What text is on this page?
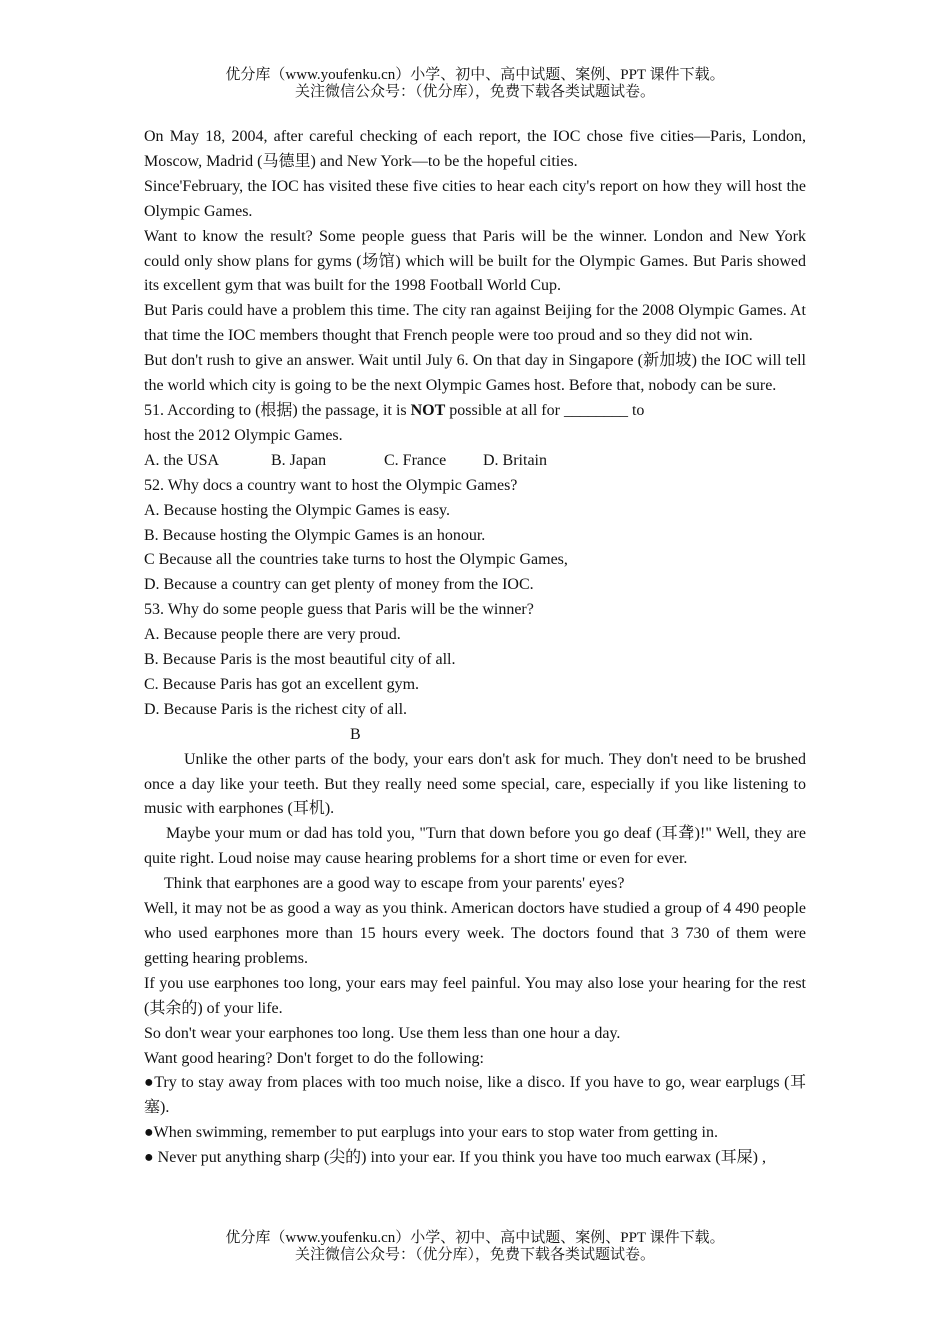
优分库（www.youfenku.cn）小学、初中、高中试题、案例、PPT 课件下载。
关注微信公众号：（优分库），免费下载各类试题试卷。

On May 18, 2004, after careful checking of each report, the IOC chose five cities—Paris, London, Moscow, Madrid (马德里) and New York—to be the hopeful cities.

Since'February, the IOC has visited these five cities to hear each city's report on how they will host the Olympic Games.

Want to know the result? Some people guess that Paris will be the winner. London and New York could only show plans for gyms (场馆) which will be built for the Olympic Games. But Paris showed its excellent gym that was built for the 1998 Football World Cup.

But Paris could have a problem this time. The city ran against Beijing for the 2008 Olympic Games. At that time the IOC members thought that French people were too proud and so they did not win.

But don't rush to give an answer. Wait until July 6. On that day in Singapore (新加坡) the IOC will tell the world which city is going to be the next Olympic Games host. Before that, nobody can be sure.

51. According to (根据) the passage, it is NOT possible at all for ________ to

host the 2012 Olympic Games.

A. the USA	B. Japan	C. France D. Britain

52. Why docs a country want to host the Olympic Games?

A. Because hosting the Olympic Games is easy.

B. Because hosting the Olympic Games is an honour.

C Because all the countries take turns to host the Olympic Games,

D. Because a country can get plenty of money from the IOC.

53. Why do some people guess that Paris will be the winner?

A. Because people there are very proud.

B. Because Paris is the most beautiful city of all.

C. Because Paris has got an excellent gym.

D. Because Paris is the richest city of all.

B

Unlike the other parts of the body, your ears don't ask for much. They don't need to be brushed once a day like your teeth. But they really need some special, care, especially if you like listening to music with earphones (耳机).

Maybe your mum or dad has told you, "Turn that down before you go deaf (耳聋)!" Well, they are quite right. Loud noise may cause hearing problems for a short time or even for ever.

Think that earphones are a good way to escape from your parents' eyes?

Well, it may not be as good a way as you think. American doctors have studied a group of 4 490 people who used earphones more than 15 hours every week. The doctors found that 3 730 of them were getting hearing problems.

If you use earphones too long, your ears may feel painful. You may also lose your hearing for the rest (其余的) of your life.

So don't wear your earphones too long. Use them less than one hour a day.

Want good hearing? Don't forget to do the following:

●Try to stay away from places with too much noise, like a disco. If you have to go, wear earplugs (耳塞).

●When swimming, remember to put earplugs into your ears to stop water from getting in.

● Never put anything sharp (尖的) into your ear. If you think you have too much earwax (耳屎) ,

优分库（www.youfenku.cn）小学、初中、高中试题、案例、PPT 课件下载。
关注微信公众号：（优分库），免费下载各类试题试卷。
